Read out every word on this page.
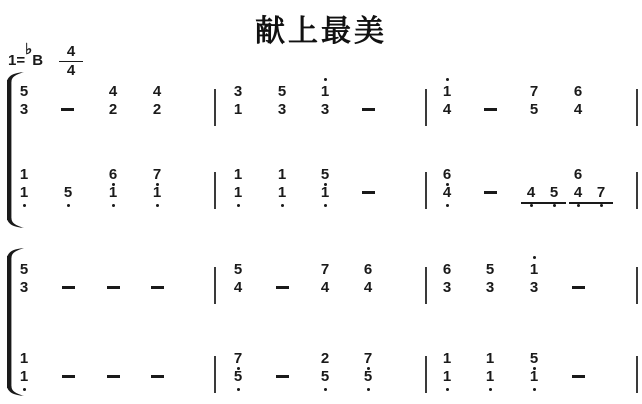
献上最美
1=
♭
B
4
4
5
3
4
2
4
2
3
1
5
3
1
3
1
4
7
5
6
4
1
1 5
6
1
7
1
1
1
1
1
5
1
6
4	4 5
6
4 7
5
3
5
4
7
4
6
4
6
3
5
3
1
3
1
1
7
5
2
5
7
5
1
1
1
1
5
1
